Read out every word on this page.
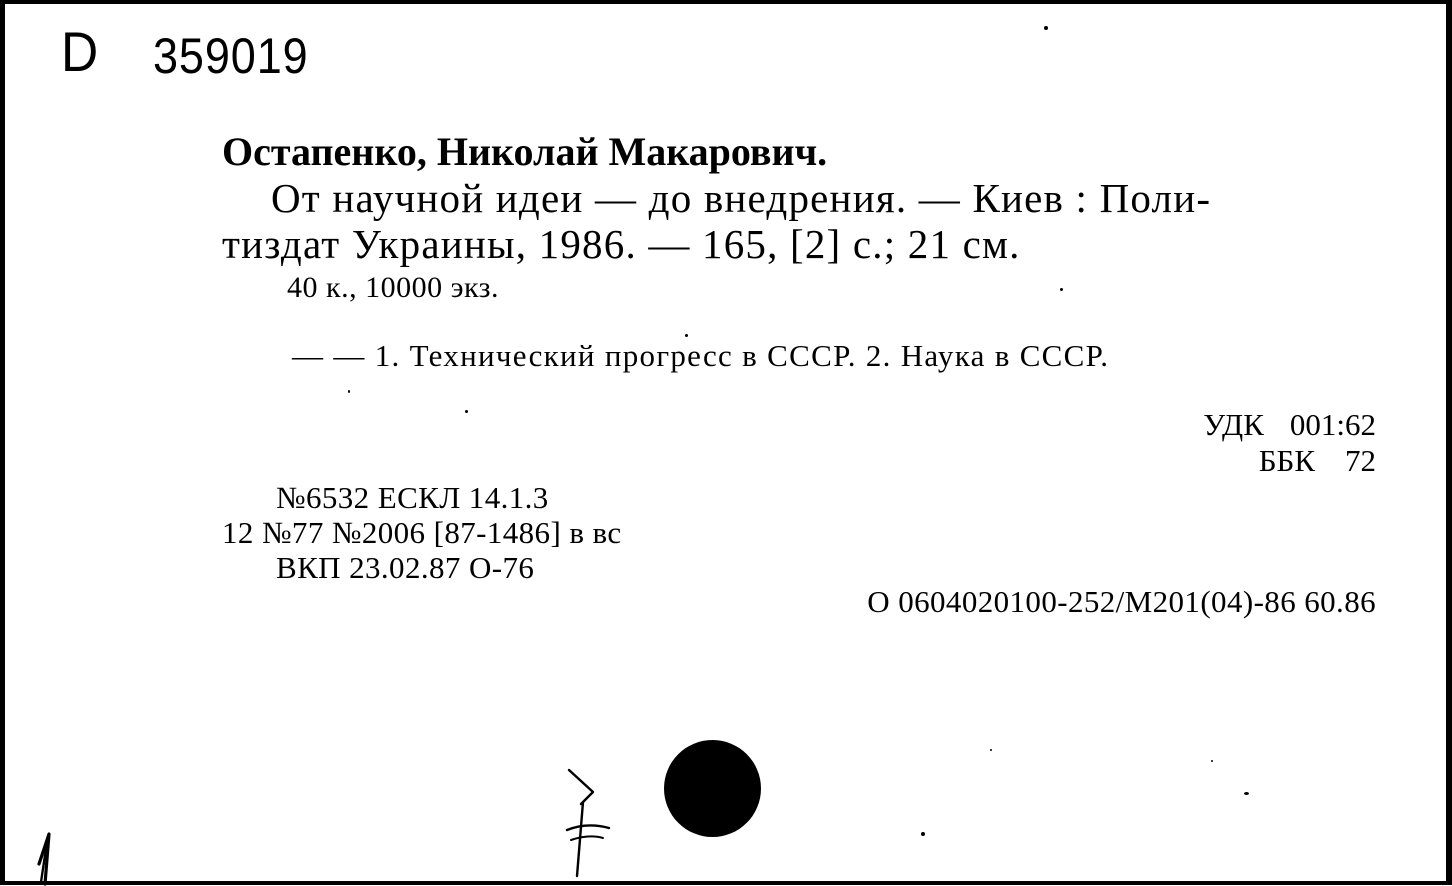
D 359019
Остапенко, Николай Макарович.
От научной идеи — до внедрения. — Киев : Поли-
тиздат Украины, 1986. — 165, [2] с.; 21 см.
40 к., 10000 экз.
— — 1. Технический прогресс в СССР. 2. Наука в СССР.
УДК 001:62
ББК 72
№6532 ЕСКЛ 14.1.3
12 №77 №2006 [87-1486] в вс
ВКП 23.02.87 О-76
О 0604020100-252/М201(04)-86 60.86
